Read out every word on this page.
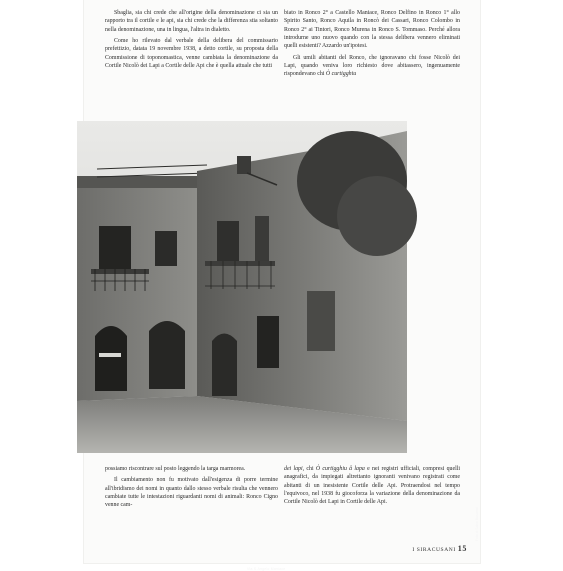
Sbaglia, sia chi crede che all'origine della denominazione ci sia un rapporto tra il cortile e le api, sia chi crede che la differenza stia soltanto nella denominazione, una in lingua, l'altra in dialetto.

Come ho rilevato dal verbale della delibera del commissario prefettizio, datata 19 novembre 1938, a detto cortile, su proposta della Commissione di toponomastica, venne cambiata la denominazione da Cortile Nicolò dei Lapi a Cortile delle Api che è quella attuale che tutti

biato in Ronco 2° a Castello Maniace, Ronco Delfino in Ronco 1° allo Spirito Santo, Ronco Aquila in Roncò dei Cassari, Ronco Colombo in Ronco 2° ai Tintori, Ronco Murena in Ronco S. Tommaso. Perché allora introdurne uno nuovo quando con la stessa delibera vennero eliminati quelli esistenti? Azzardo un'ipotesi.

Gli umili abitanti del Ronco, che ignoravano chi fosse Nicolò dei Lapi, quando veniva loro richiesto dove abitassero, ingenuamente rispondevano chi Ò curtigghiu

possiamo riscontrare sul posto leggendo la targa marmorea.

Il cambiamento non fu motivato dall'esigenza di porre termine all'ibridismo dei nomi in quanto dallo stesso verbale risulta che vennero cambiate tutte le intestazioni riguardanti nomi di animali: Ronco Cigno venne cam-

dei lapi, chi Ò curtigghiu â lapa e nei registri ufficiali, compresi quelli anagrafici, da impiegati altrettanto ignoranti venivano registrati come abitanti di un inesistente Cortile delle Api. Protraendosi nel tempo l'equivoco, nel 1938 fu giocoforza la variazione della denominazione da Cortile Nicolò dei Lapi in Cortile delle Api.

I SIRACUSANI 15
Via S.Angelo Maniace
Foto di Salvo Buscemi
